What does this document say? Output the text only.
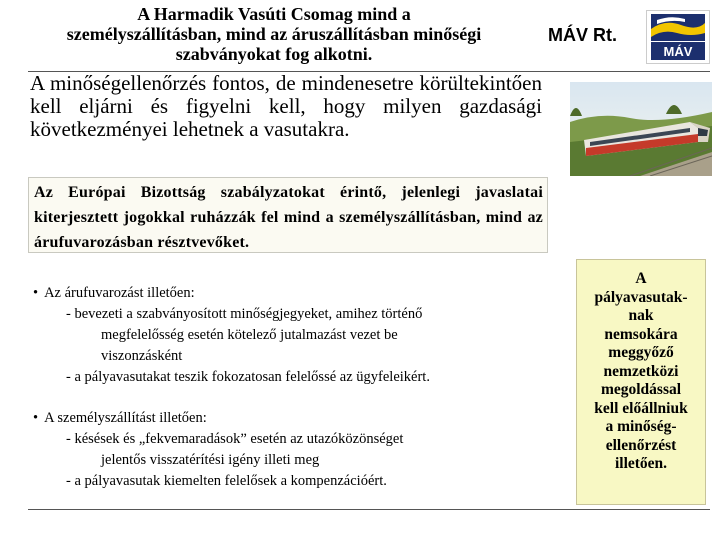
A Harmadik Vasúti Csomag mind a
személyszállításban, mind az áruszállításban minőségi
szabványokat fog alkotni.
MÁV Rt.
MÁV

A minőségellenőrzés fontos, de mindenesetre körültekintően kell eljárni és figyelni kell, hogy milyen gazdasági következményei lehetnek a vasutakra.

Az Európai Bizottság szabályzatokat érintő, jelenlegi javaslatai kiterjesztett jogokkal ruházzák fel mind a személyszállításban, mind az árufuvarozásban résztvevőket.

• Az árufuvarozást illetően:
- bevezeti a szabványosított minőségjegyeket, amihez történő
megfelelősség esetén kötelező jutalmazást vezet be
viszonzásként
- a pályavasutakat teszik fokozatosan felelőssé az ügyfeleikért.
• A személyszállítást illetően:
- késések és „fekvemaradások” esetén az utazóközönséget
jelentős visszatérítési igény illeti meg
- a pályavasutak kiemelten felelősek a kompenzációért.
A
pályavasutak-
nak
nemsokára
meggyőző
nemzetközi
megoldással
kell előállniuk
a minőség-
ellenőrzést
illetően.
